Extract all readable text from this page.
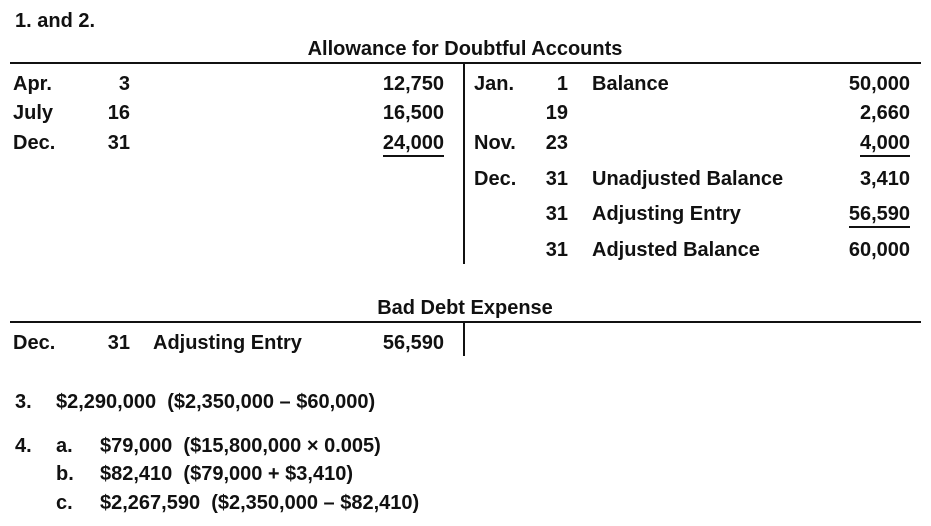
1. and 2.
Allowance for Doubtful Accounts
Apr.	3	12,750
July	16	16,500
Dec.	31	24,000
Jan.	1 Balance	50,000
19	2,660
Nov.	23	4,000
Dec.	31 Unadjusted Balance	3,410
31 Adjusting Entry	56,590
31 Adjusted Balance	60,000
Bad Debt Expense
Dec.	31 Adjusting Entry	56,590
3. $2,290,000  ($2,350,000 – $60,000)
4. a. $79,000  ($15,800,000 × 0.005)
b. $82,410  ($79,000 + $3,410)
c. $2,267,590  ($2,350,000 – $82,410)
